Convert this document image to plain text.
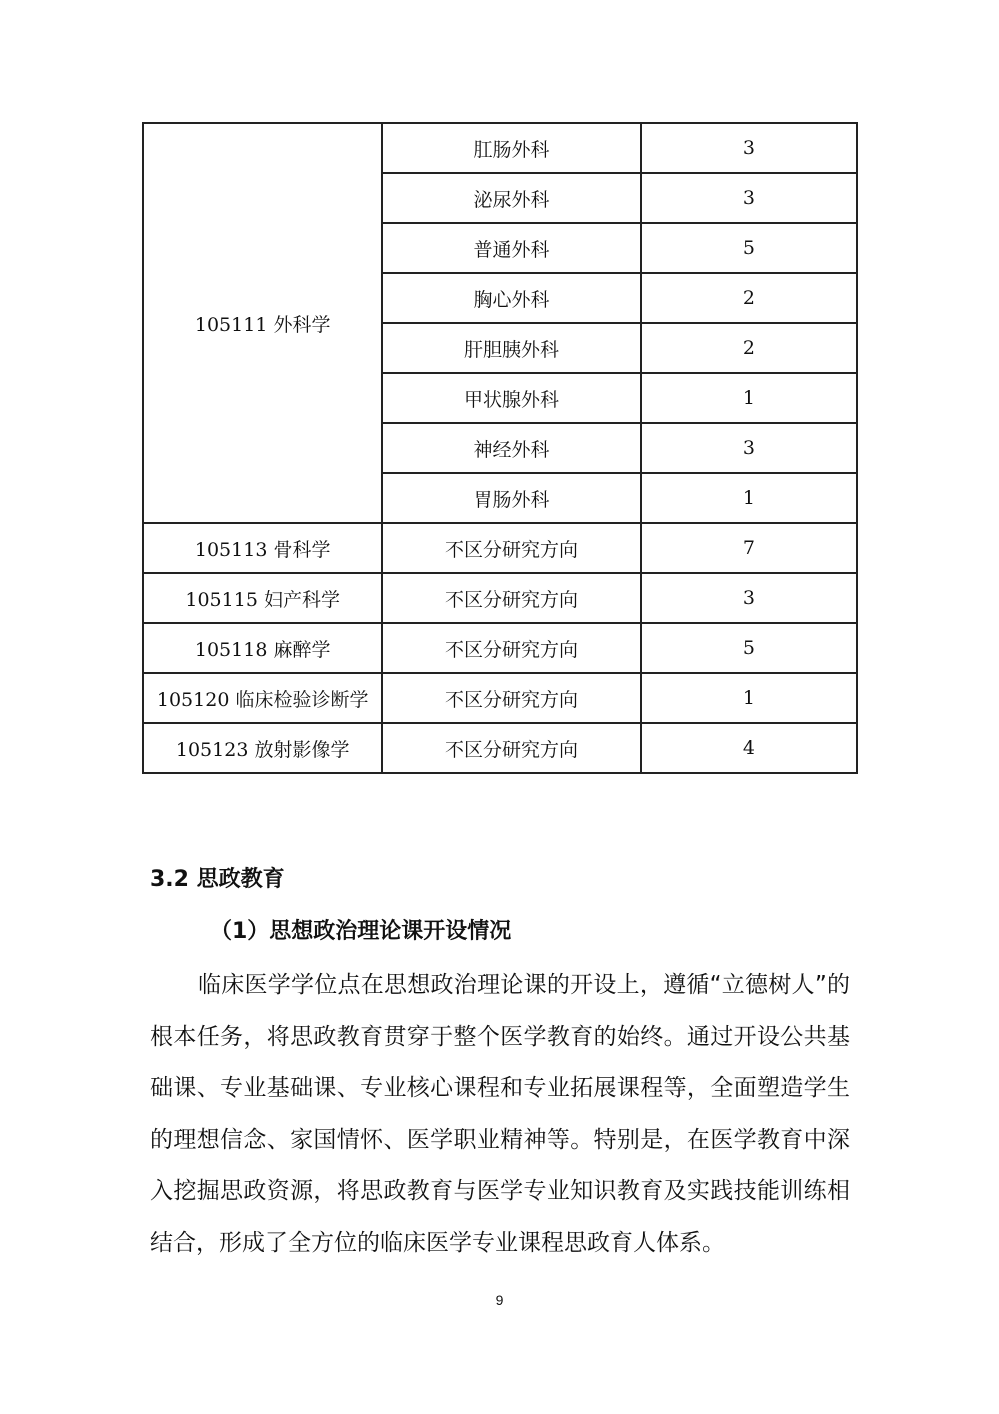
105111 外科学	肛肠外科	3
	泌尿外科	3
	普通外科	5
	胸心外科	2
	肝胆胰外科	2
	甲状腺外科	1
	神经外科	3
	胃肠外科	1
105113 骨科学	不区分研究方向	7
105115 妇产科学	不区分研究方向	3
105118 麻醉学	不区分研究方向	5
105120 临床检验诊断学	不区分研究方向	1
105123 放射影像学	不区分研究方向	4
3.2 思政教育
（1）思想政治理论课开设情况

临床医学学位点在思想政治理论课的开设上，遵循“立德树人”的根本任务，将思政教育贯穿于整个医学教育的始终。通过开设公共基础课、专业基础课、专业核心课程和专业拓展课程等，全面塑造学生的理想信念、家国情怀、医学职业精神等。特别是，在医学教育中深入挖掘思政资源，将思政教育与医学专业知识教育及实践技能训练相结合，形成了全方位的临床医学专业课程思政育人体系。

9
